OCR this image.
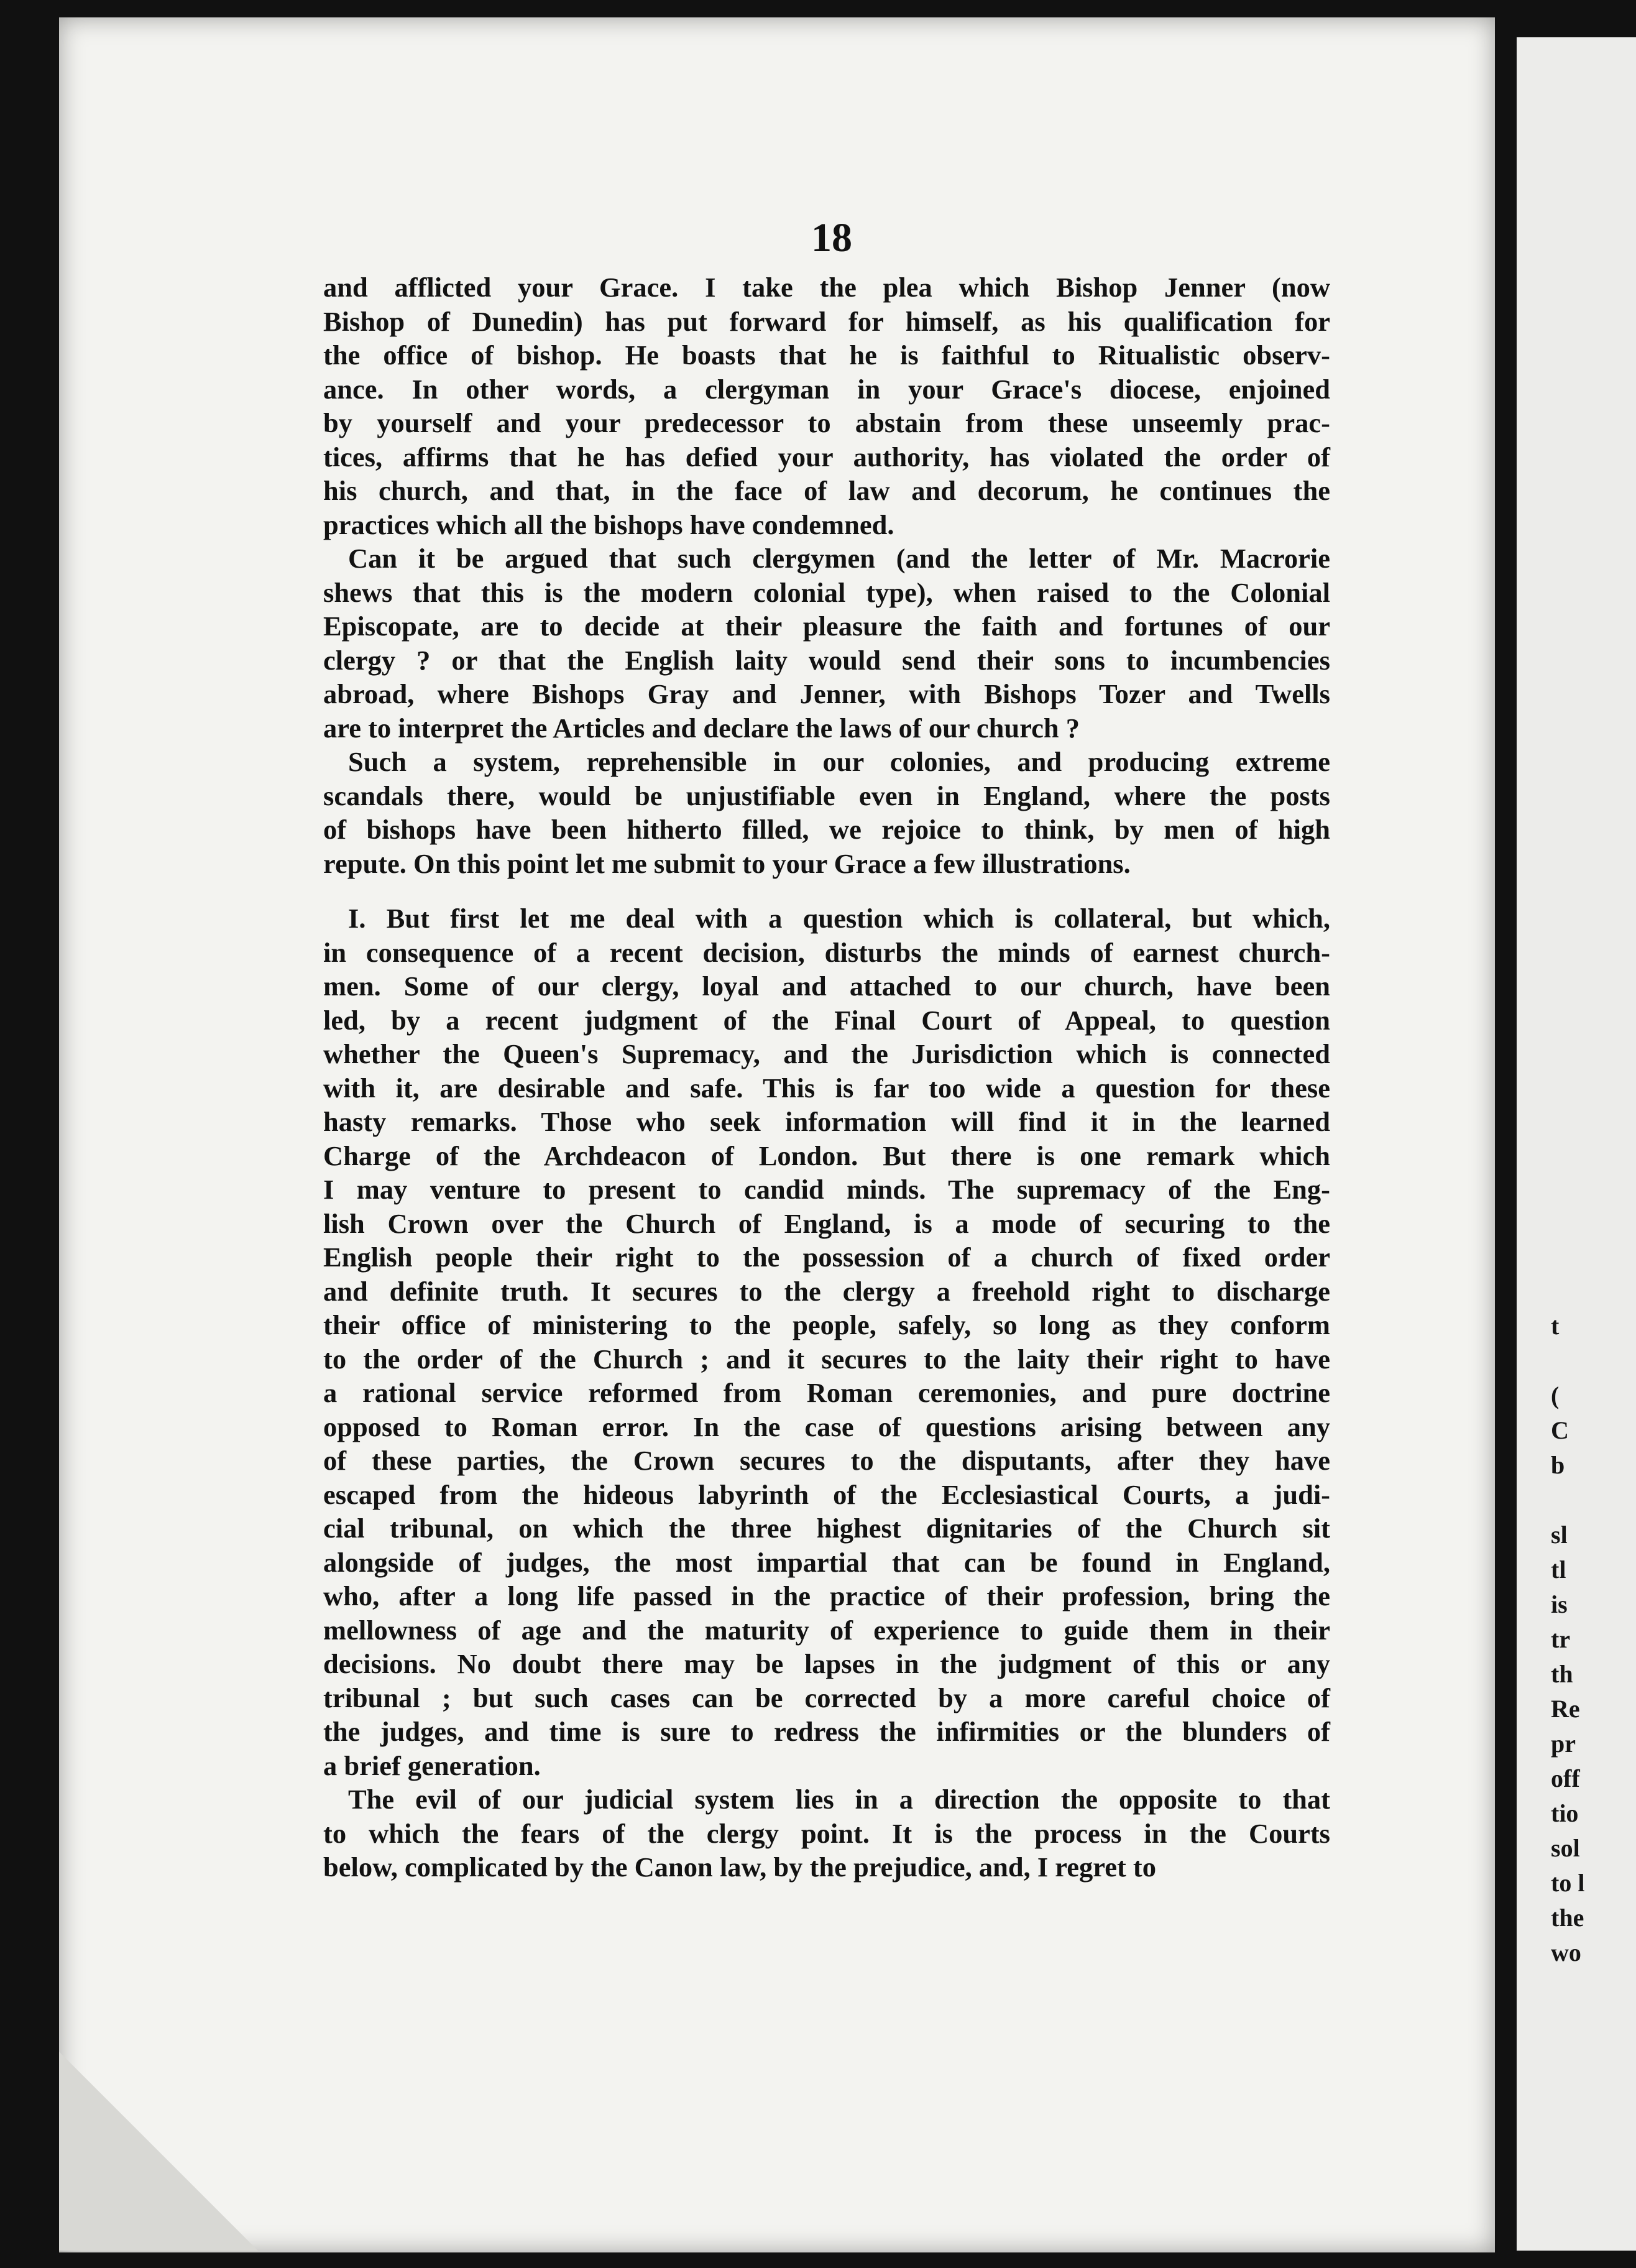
t

(
C
b

sl
tl
is
tr
th
Re
pr
off
tio
sol
to l
the
wo
18

and afflicted your Grace. I take the plea which Bishop Jenner (now
Bishop of Dunedin) has put forward for himself, as his qualification for
the office of bishop. He boasts that he is faithful to Ritualistic observ-
ance. In other words, a clergyman in your Grace's diocese, enjoined
by yourself and your predecessor to abstain from these unseemly prac-
tices, affirms that he has defied your authority, has violated the order of
his church, and that, in the face of law and decorum, he continues the
practices which all the bishops have condemned.

Can it be argued that such clergymen (and the letter of Mr. Macrorie
shews that this is the modern colonial type), when raised to the Colonial
Episcopate, are to decide at their pleasure the faith and fortunes of our
clergy ? or that the English laity would send their sons to incumbencies
abroad, where Bishops Gray and Jenner, with Bishops Tozer and Twells
are to interpret the Articles and declare the laws of our church ?

Such a system, reprehensible in our colonies, and producing extreme
scandals there, would be unjustifiable even in England, where the posts
of bishops have been hitherto filled, we rejoice to think, by men of high
repute. On this point let me submit to your Grace a few illustrations.

I. But first let me deal with a question which is collateral, but which,
in consequence of a recent decision, disturbs the minds of earnest church-
men. Some of our clergy, loyal and attached to our church, have been
led, by a recent judgment of the Final Court of Appeal, to question
whether the Queen's Supremacy, and the Jurisdiction which is connected
with it, are desirable and safe. This is far too wide a question for these
hasty remarks. Those who seek information will find it in the learned
Charge of the Archdeacon of London. But there is one remark which
I may venture to present to candid minds. The supremacy of the Eng-
lish Crown over the Church of England, is a mode of securing to the
English people their right to the possession of a church of fixed order
and definite truth. It secures to the clergy a freehold right to discharge
their office of ministering to the people, safely, so long as they conform
to the order of the Church ; and it secures to the laity their right to have
a rational service reformed from Roman ceremonies, and pure doctrine
opposed to Roman error. In the case of questions arising between any
of these parties, the Crown secures to the disputants, after they have
escaped from the hideous labyrinth of the Ecclesiastical Courts, a judi-
cial tribunal, on which the three highest dignitaries of the Church sit
alongside of judges, the most impartial that can be found in England,
who, after a long life passed in the practice of their profession, bring the
mellowness of age and the maturity of experience to guide them in their
decisions. No doubt there may be lapses in the judgment of this or any
tribunal ; but such cases can be corrected by a more careful choice of
the judges, and time is sure to redress the infirmities or the blunders of
a brief generation.

The evil of our judicial system lies in a direction the opposite to that
to which the fears of the clergy point. It is the process in the Courts
below, complicated by the Canon law, by the prejudice, and, I regret to
